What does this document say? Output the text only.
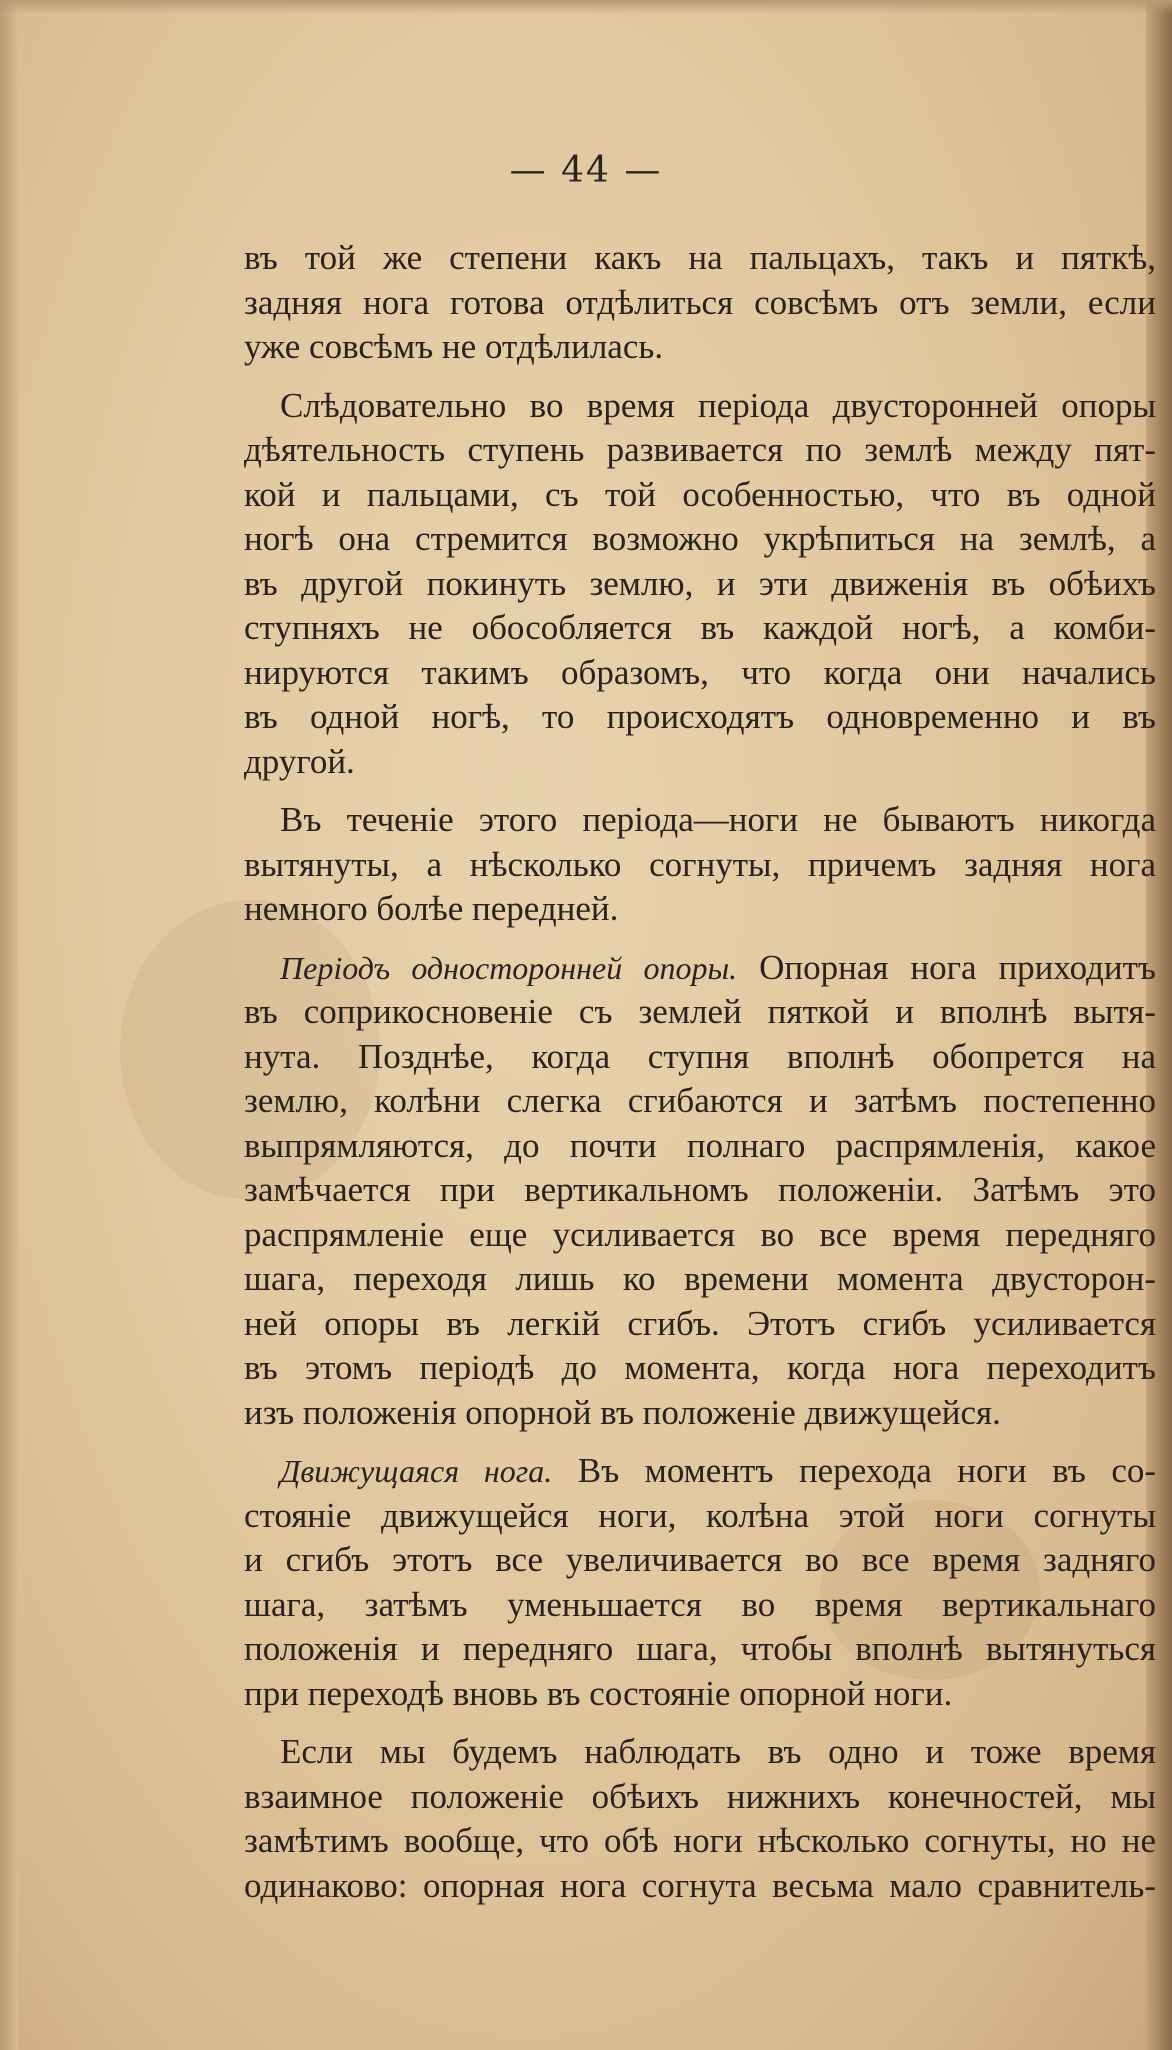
— 44 —
въ той же степени какъ на пальцахъ, такъ и пяткѣ,
задняя нога готова отдѣлиться совсѣмъ отъ земли, если
уже совсѣмъ не отдѣлилась.
Слѣдовательно во время періода двусторонней опоры
дѣятельность ступень развивается по землѣ между пят-
кой и пальцами, съ той особенностью, что въ одной
ногѣ она стремится возможно укрѣпиться на землѣ, а
въ другой покинуть землю, и эти движенія въ обѣихъ
ступняхъ не обособляется въ каждой ногѣ, а комби-
нируются такимъ образомъ, что когда они начались
въ одной ногѣ, то происходятъ одновременно и въ
другой.
Въ теченіе этого періода—ноги не бываютъ никогда
вытянуты, а нѣсколько согнуты, причемъ задняя нога
немного болѣе передней.
Періодъ односторонней опоры. Опорная нога приходитъ
въ соприкосновеніе съ землей пяткой и вполнѣ вытя-
нута. Позднѣе, когда ступня вполнѣ обопрется на
землю, колѣни слегка сгибаются и затѣмъ постепенно
выпрямляются, до почти полнаго распрямленія, какое
замѣчается при вертикальномъ положеніи. Затѣмъ это
распрямленіе еще усиливается во все время передняго
шага, переходя лишь ко времени момента двусторон-
ней опоры въ легкій сгибъ. Этотъ сгибъ усиливается
въ этомъ періодѣ до момента, когда нога переходитъ
изъ положенія опорной въ положеніе движущейся.
Движущаяся нога. Въ моментъ перехода ноги въ со-
стояніе движущейся ноги, колѣна этой ноги согнуты
и сгибъ этотъ все увеличивается во все время задняго
шага, затѣмъ уменьшается во время вертикальнаго
положенія и передняго шага, чтобы вполнѣ вытянуться
при переходѣ вновь въ состояніе опорной ноги.
Если мы будемъ наблюдать въ одно и тоже время
взаимное положеніе обѣихъ нижнихъ конечностей, мы
замѣтимъ вообще, что обѣ ноги нѣсколько согнуты, но не
одинаково: опорная нога согнута весьма мало сравнитель-
